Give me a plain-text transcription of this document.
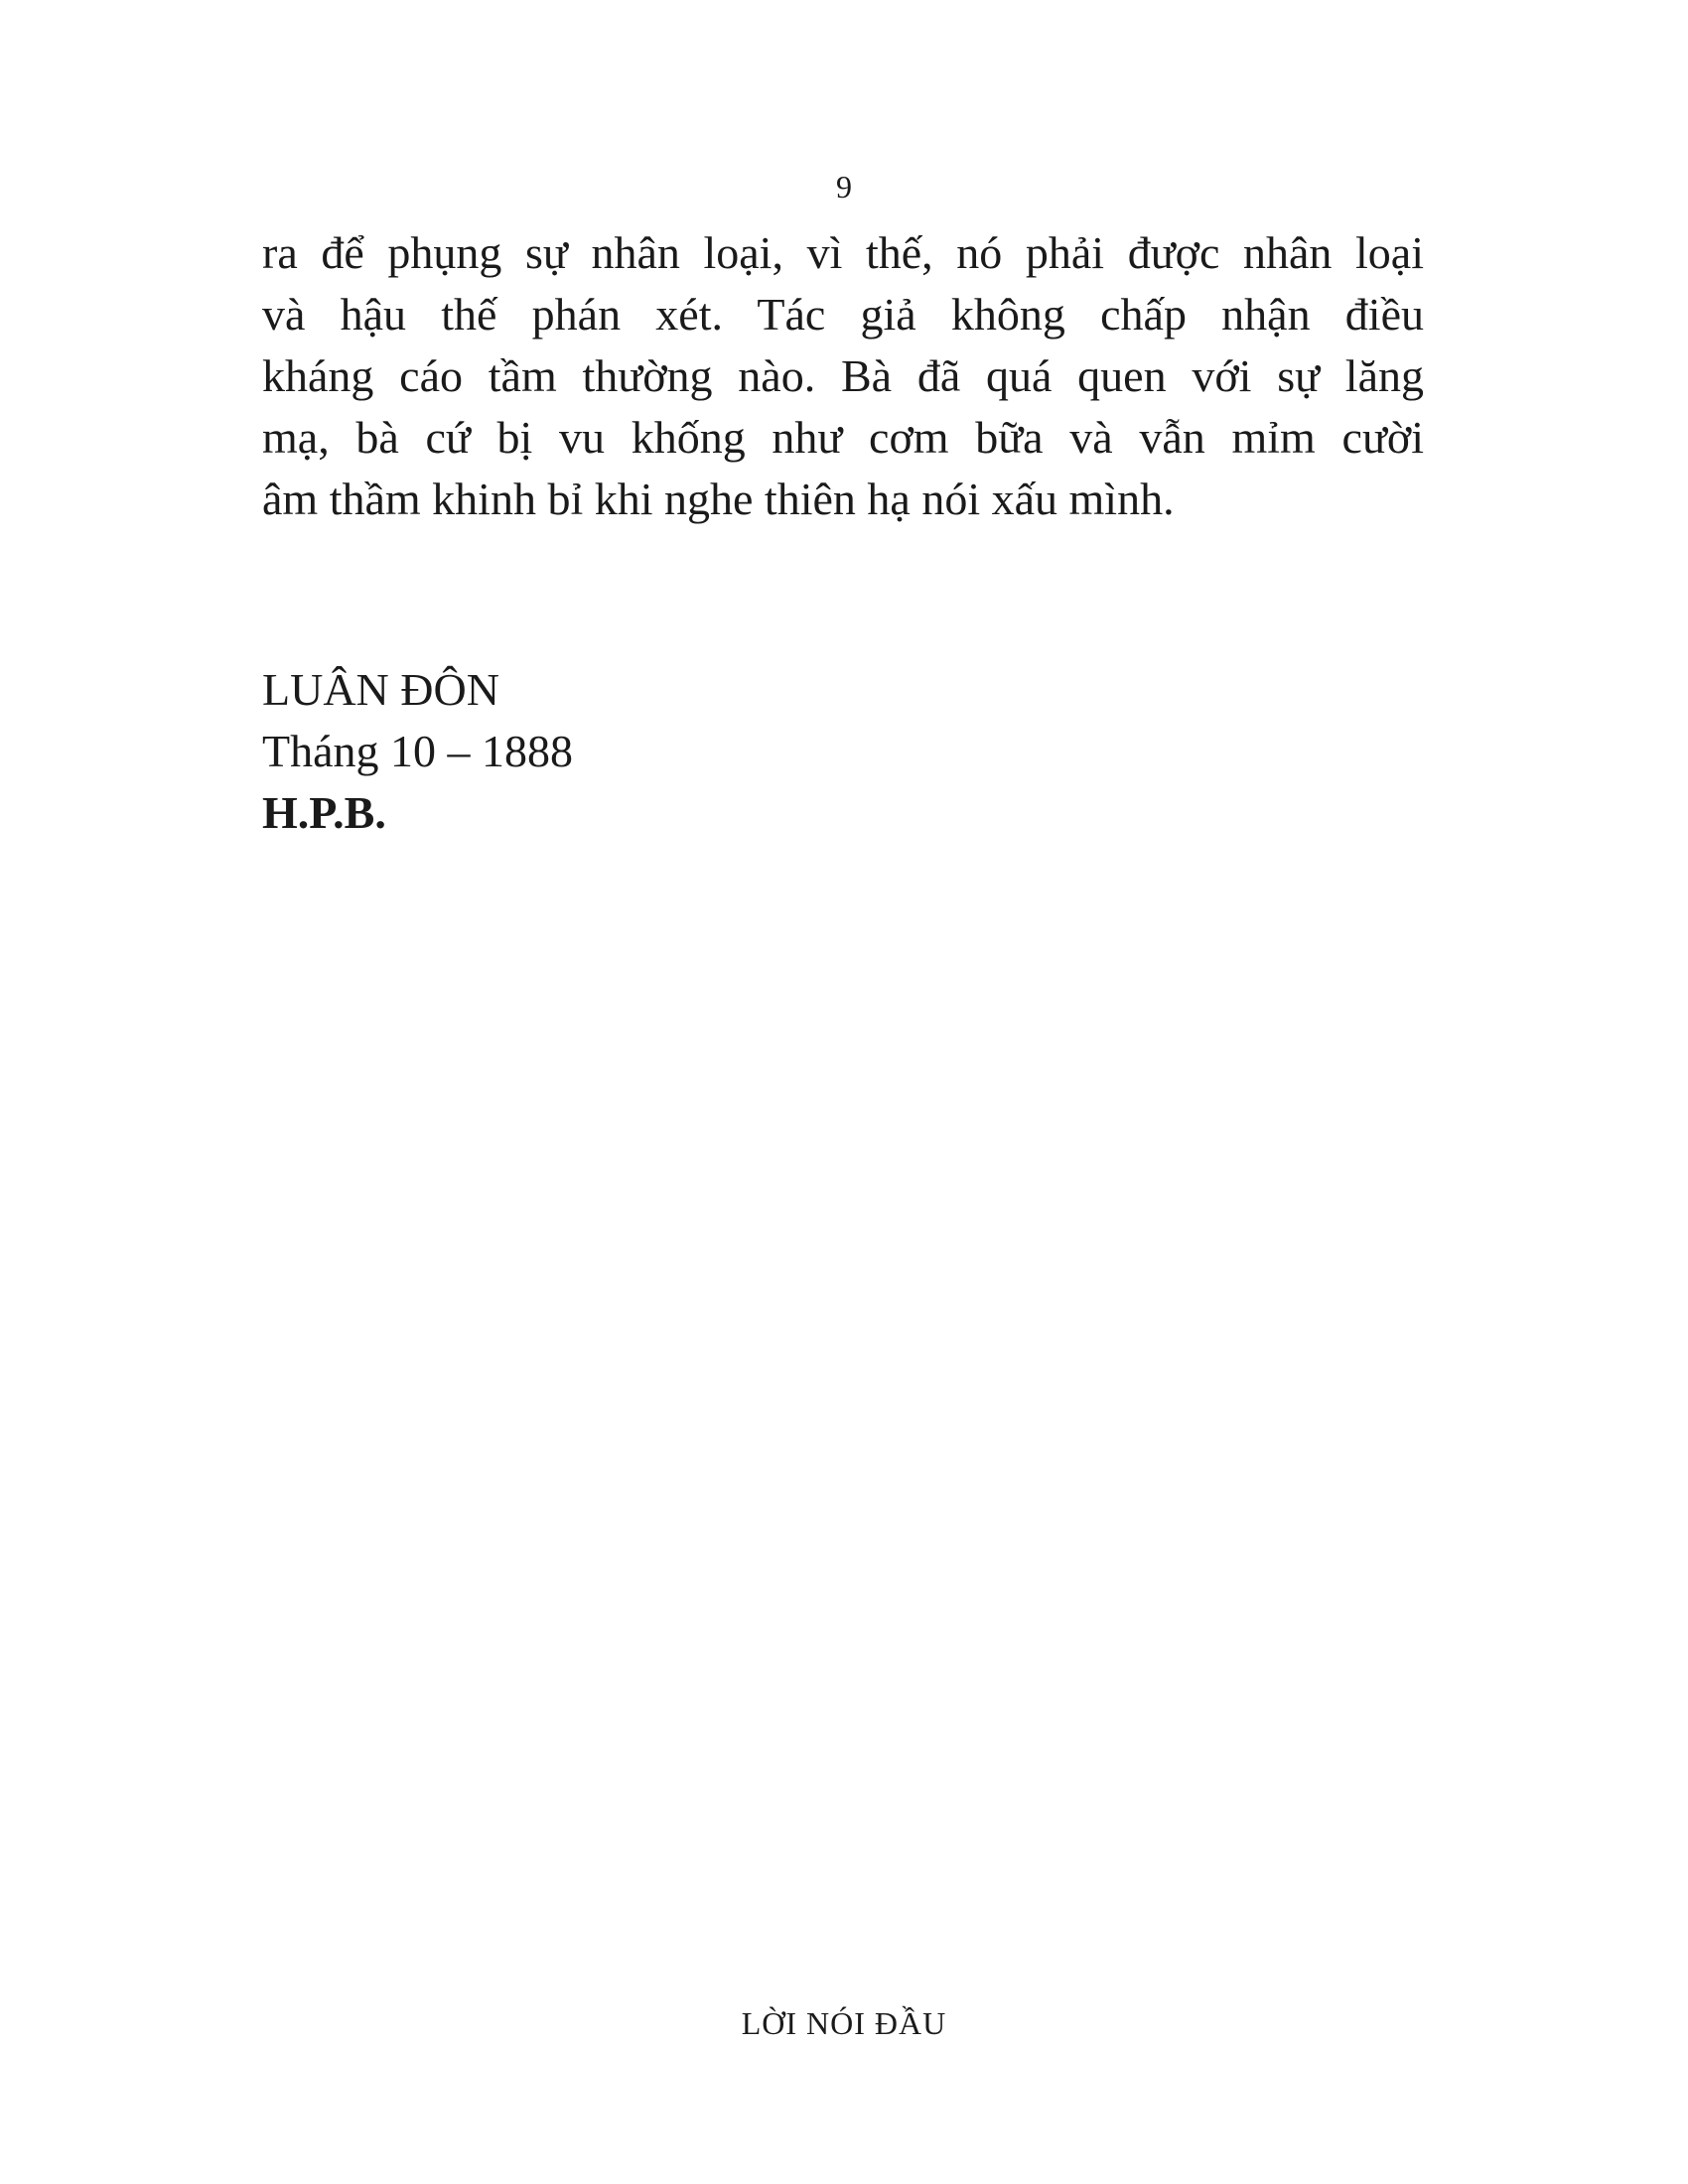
9
ra để phụng sự nhân loại, vì thế, nó phải được nhân loại
và hậu thế phán xét. Tác giả không chấp nhận điều
kháng cáo tầm thường nào. Bà đã quá quen với sự lăng
mạ, bà cứ bị vu khống như cơm bữa và vẫn mỉm cười
âm thầm khinh bỉ khi nghe thiên hạ nói xấu mình.
LUÂN ĐÔN
Tháng 10 – 1888
H.P.B.
LỜI NÓI ĐẦU
